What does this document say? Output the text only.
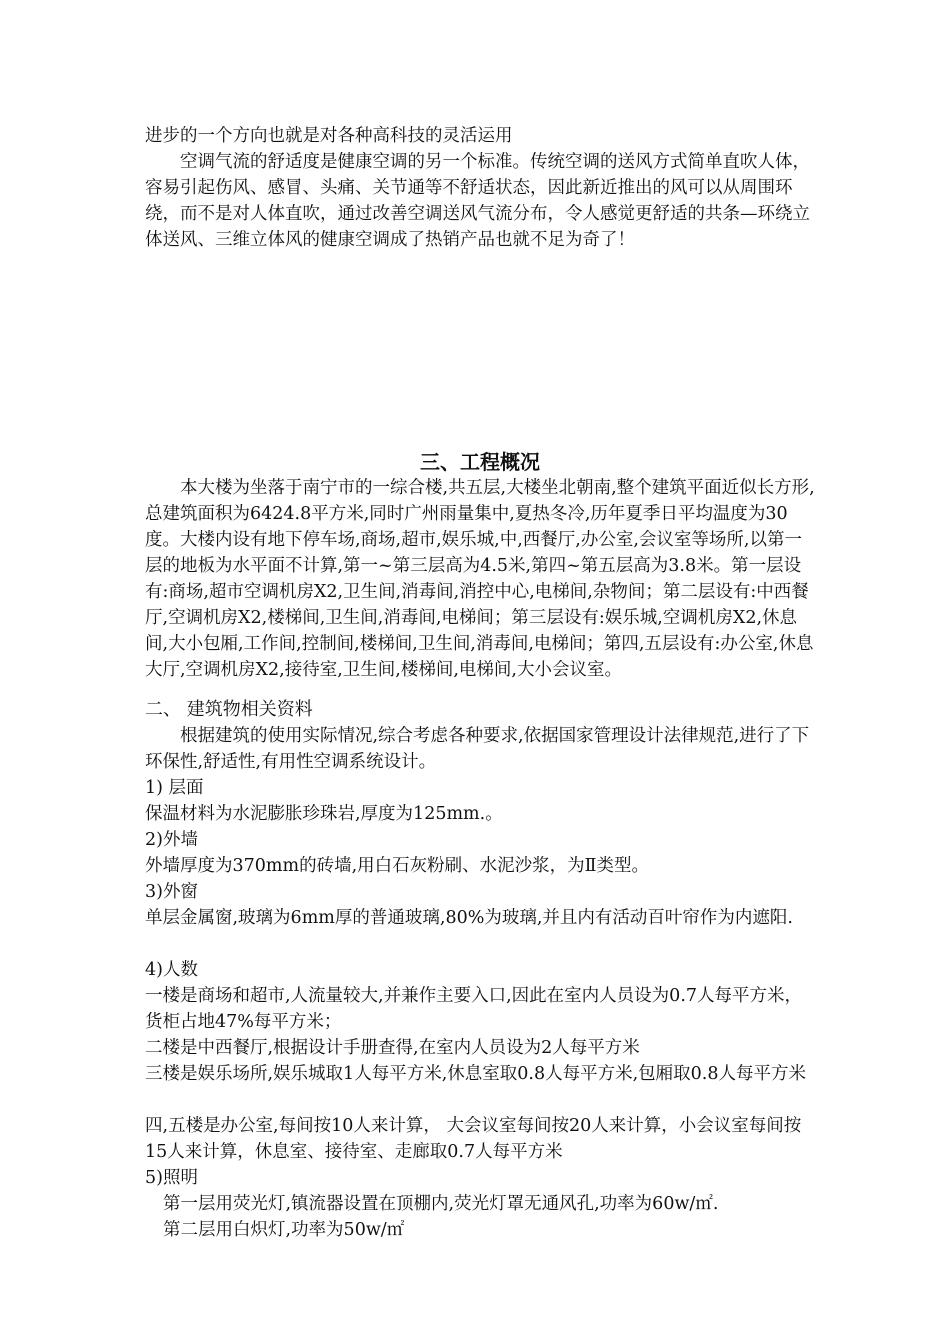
进步的一个方向也就是对各种高科技的灵活运用

空调气流的舒适度是健康空调的另一个标准。传统空调的送风方式简单直吹人体，容易引起伤风、感冒、头痛、关节通等不舒适状态，因此新近推出的风可以从周围环绕，而不是对人体直吹，通过改善空调送风气流分布，令人感觉更舒适的共条—环绕立体送风、三维立体风的健康空调成了热销产品也就不足为奇了！

三、工程概况

本大楼为坐落于南宁市的一综合楼,共五层,大楼坐北朝南,整个建筑平面近似长方形,总建筑面积为6424.8平方米,同时广州雨量集中,夏热冬冷,历年夏季日平均温度为30度。大楼内设有地下停车场,商场,超市,娱乐城,中,西餐厅,办公室,会议室等场所,以第一层的地板为水平面不计算,第一~第三层高为4.5米,第四~第五层高为3.8米。第一层设有:商场,超市空调机房X2,卫生间,消毒间,消控中心,电梯间,杂物间；第二层设有:中西餐厅,空调机房X2,楼梯间,卫生间,消毒间,电梯间；第三层设有:娱乐城,空调机房X2,休息间,大小包厢,工作间,控制间,楼梯间,卫生间,消毒间,电梯间；第四,五层设有:办公室,休息大厅,空调机房X2,接待室,卫生间,楼梯间,电梯间,大小会议室。

二、 建筑物相关资料

根据建筑的使用实际情况,综合考虑各种要求,依据国家管理设计法律规范,进行了下环保性,舒适性,有用性空调系统设计。

1) 层面

保温材料为水泥膨胀珍珠岩,厚度为125mm.。

2)外墙

外墙厚度为370mm的砖墙,用白石灰粉刷、水泥沙浆，为Ⅱ类型。

3)外窗

单层金属窗,玻璃为6mm厚的普通玻璃,80%为玻璃,并且内有活动百叶帘作为内遮阳.

4)人数

一楼是商场和超市,人流量较大,并兼作主要入口,因此在室内人员设为0.7人每平方米，货柜占地47%每平方米；

二楼是中西餐厅,根据设计手册查得,在室内人员设为2人每平方米

三楼是娱乐场所,娱乐城取1人每平方米,休息室取0.8人每平方米,包厢取0.8人每平方米

四,五楼是办公室,每间按10人来计算， 大会议室每间按20人来计算，小会议室每间按15人来计算，休息室、接待室、走廊取0.7人每平方米

5)照明

第一层用荧光灯,镇流器设置在顶棚内,荧光灯罩无通风孔,功率为60w/㎡.

第二层用白炽灯,功率为50w/㎡
